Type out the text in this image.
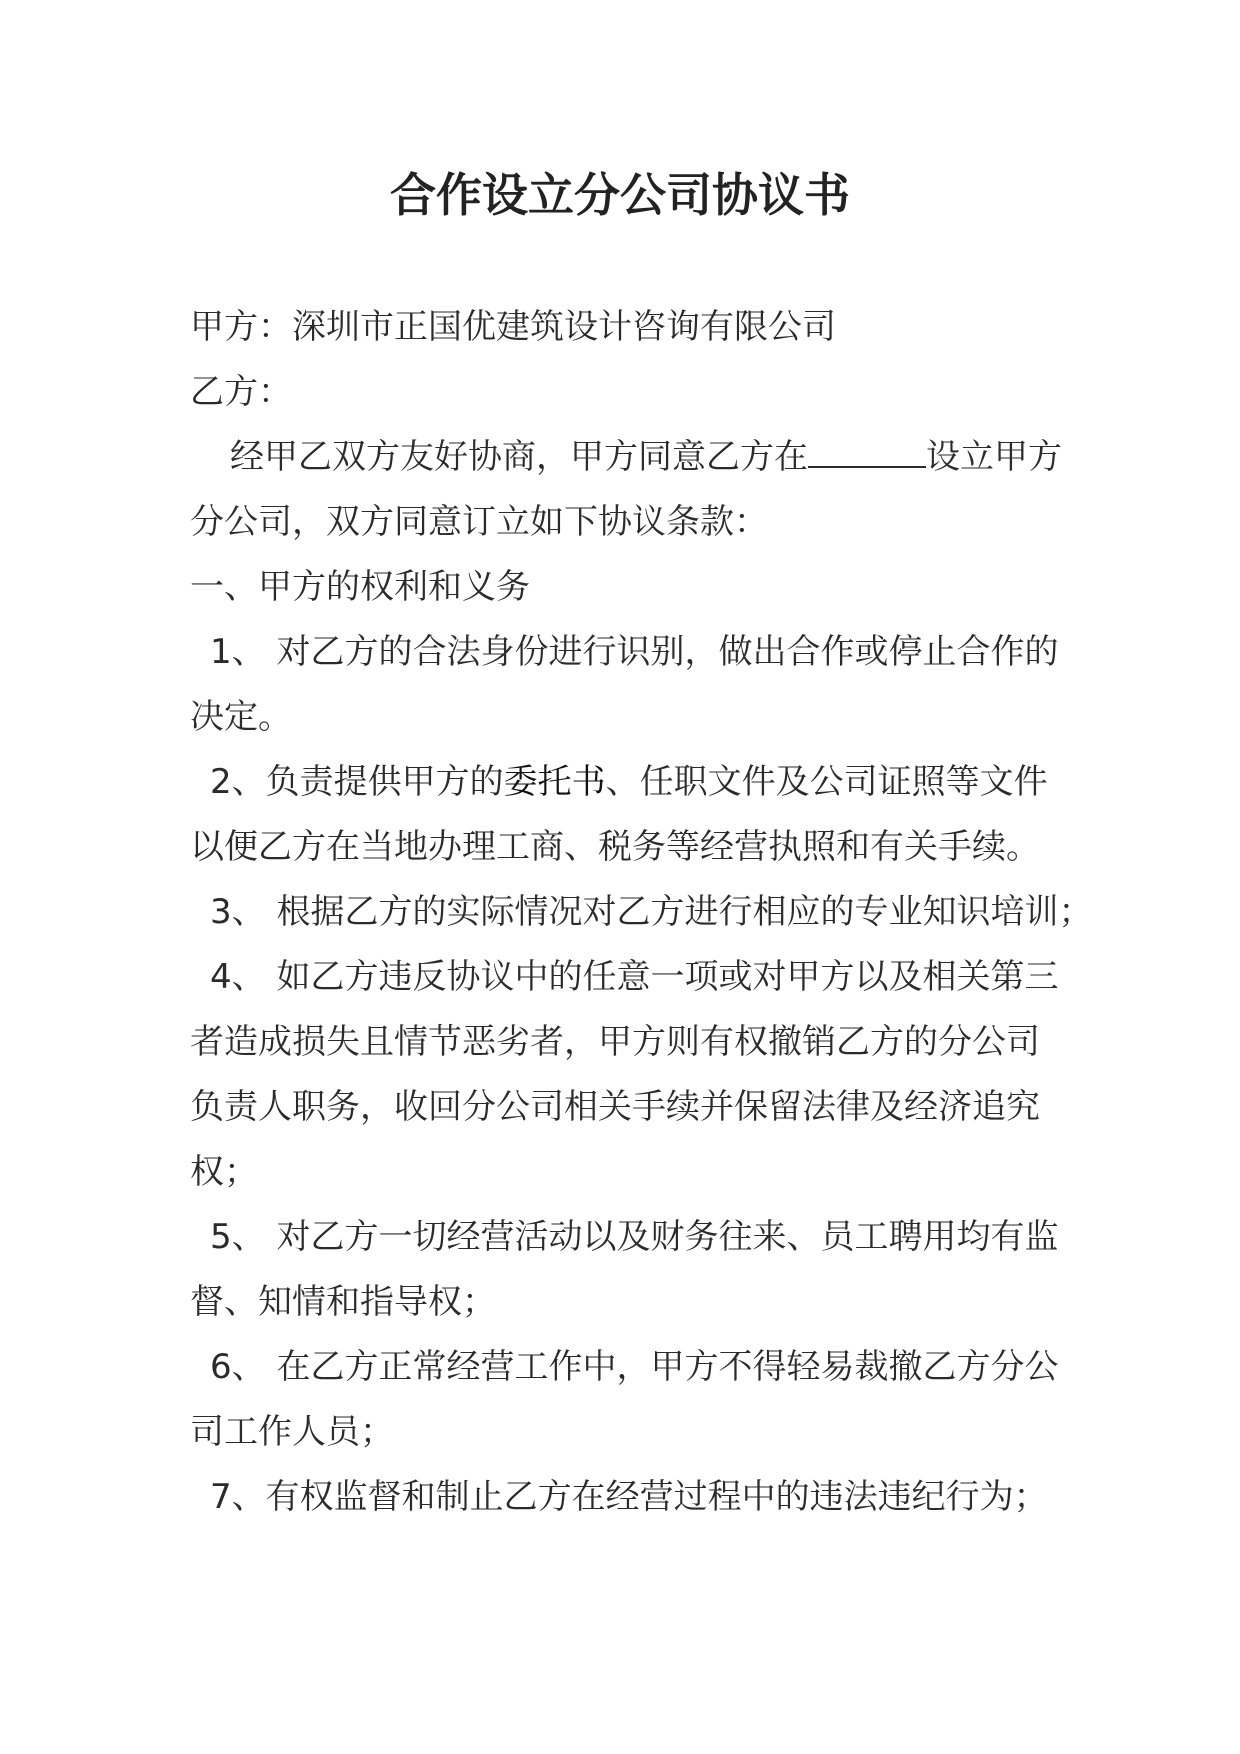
合作设立分公司协议书
甲方：深圳市正国优建筑设计咨询有限公司
乙方：
经甲乙双方友好协商，甲方同意乙方在	设立甲方
分公司，双方同意订立如下协议条款：
一、甲方的权利和义务
1、 对乙方的合法身份进行识别，做出合作或停止合作的
决定。
2、负责提供甲方的委托书、任职文件及公司证照等文件
以便乙方在当地办理工商、税务等经营执照和有关手续。
3、 根据乙方的实际情况对乙方进行相应的专业知识培训；
4、 如乙方违反协议中的任意一项或对甲方以及相关第三
者造成损失且情节恶劣者，甲方则有权撤销乙方的分公司
负责人职务，收回分公司相关手续并保留法律及经济追究
权；
5、 对乙方一切经营活动以及财务往来、员工聘用均有监
督、知情和指导权；
6、 在乙方正常经营工作中，甲方不得轻易裁撤乙方分公
司工作人员；
7、有权监督和制止乙方在经营过程中的违法违纪行为；
